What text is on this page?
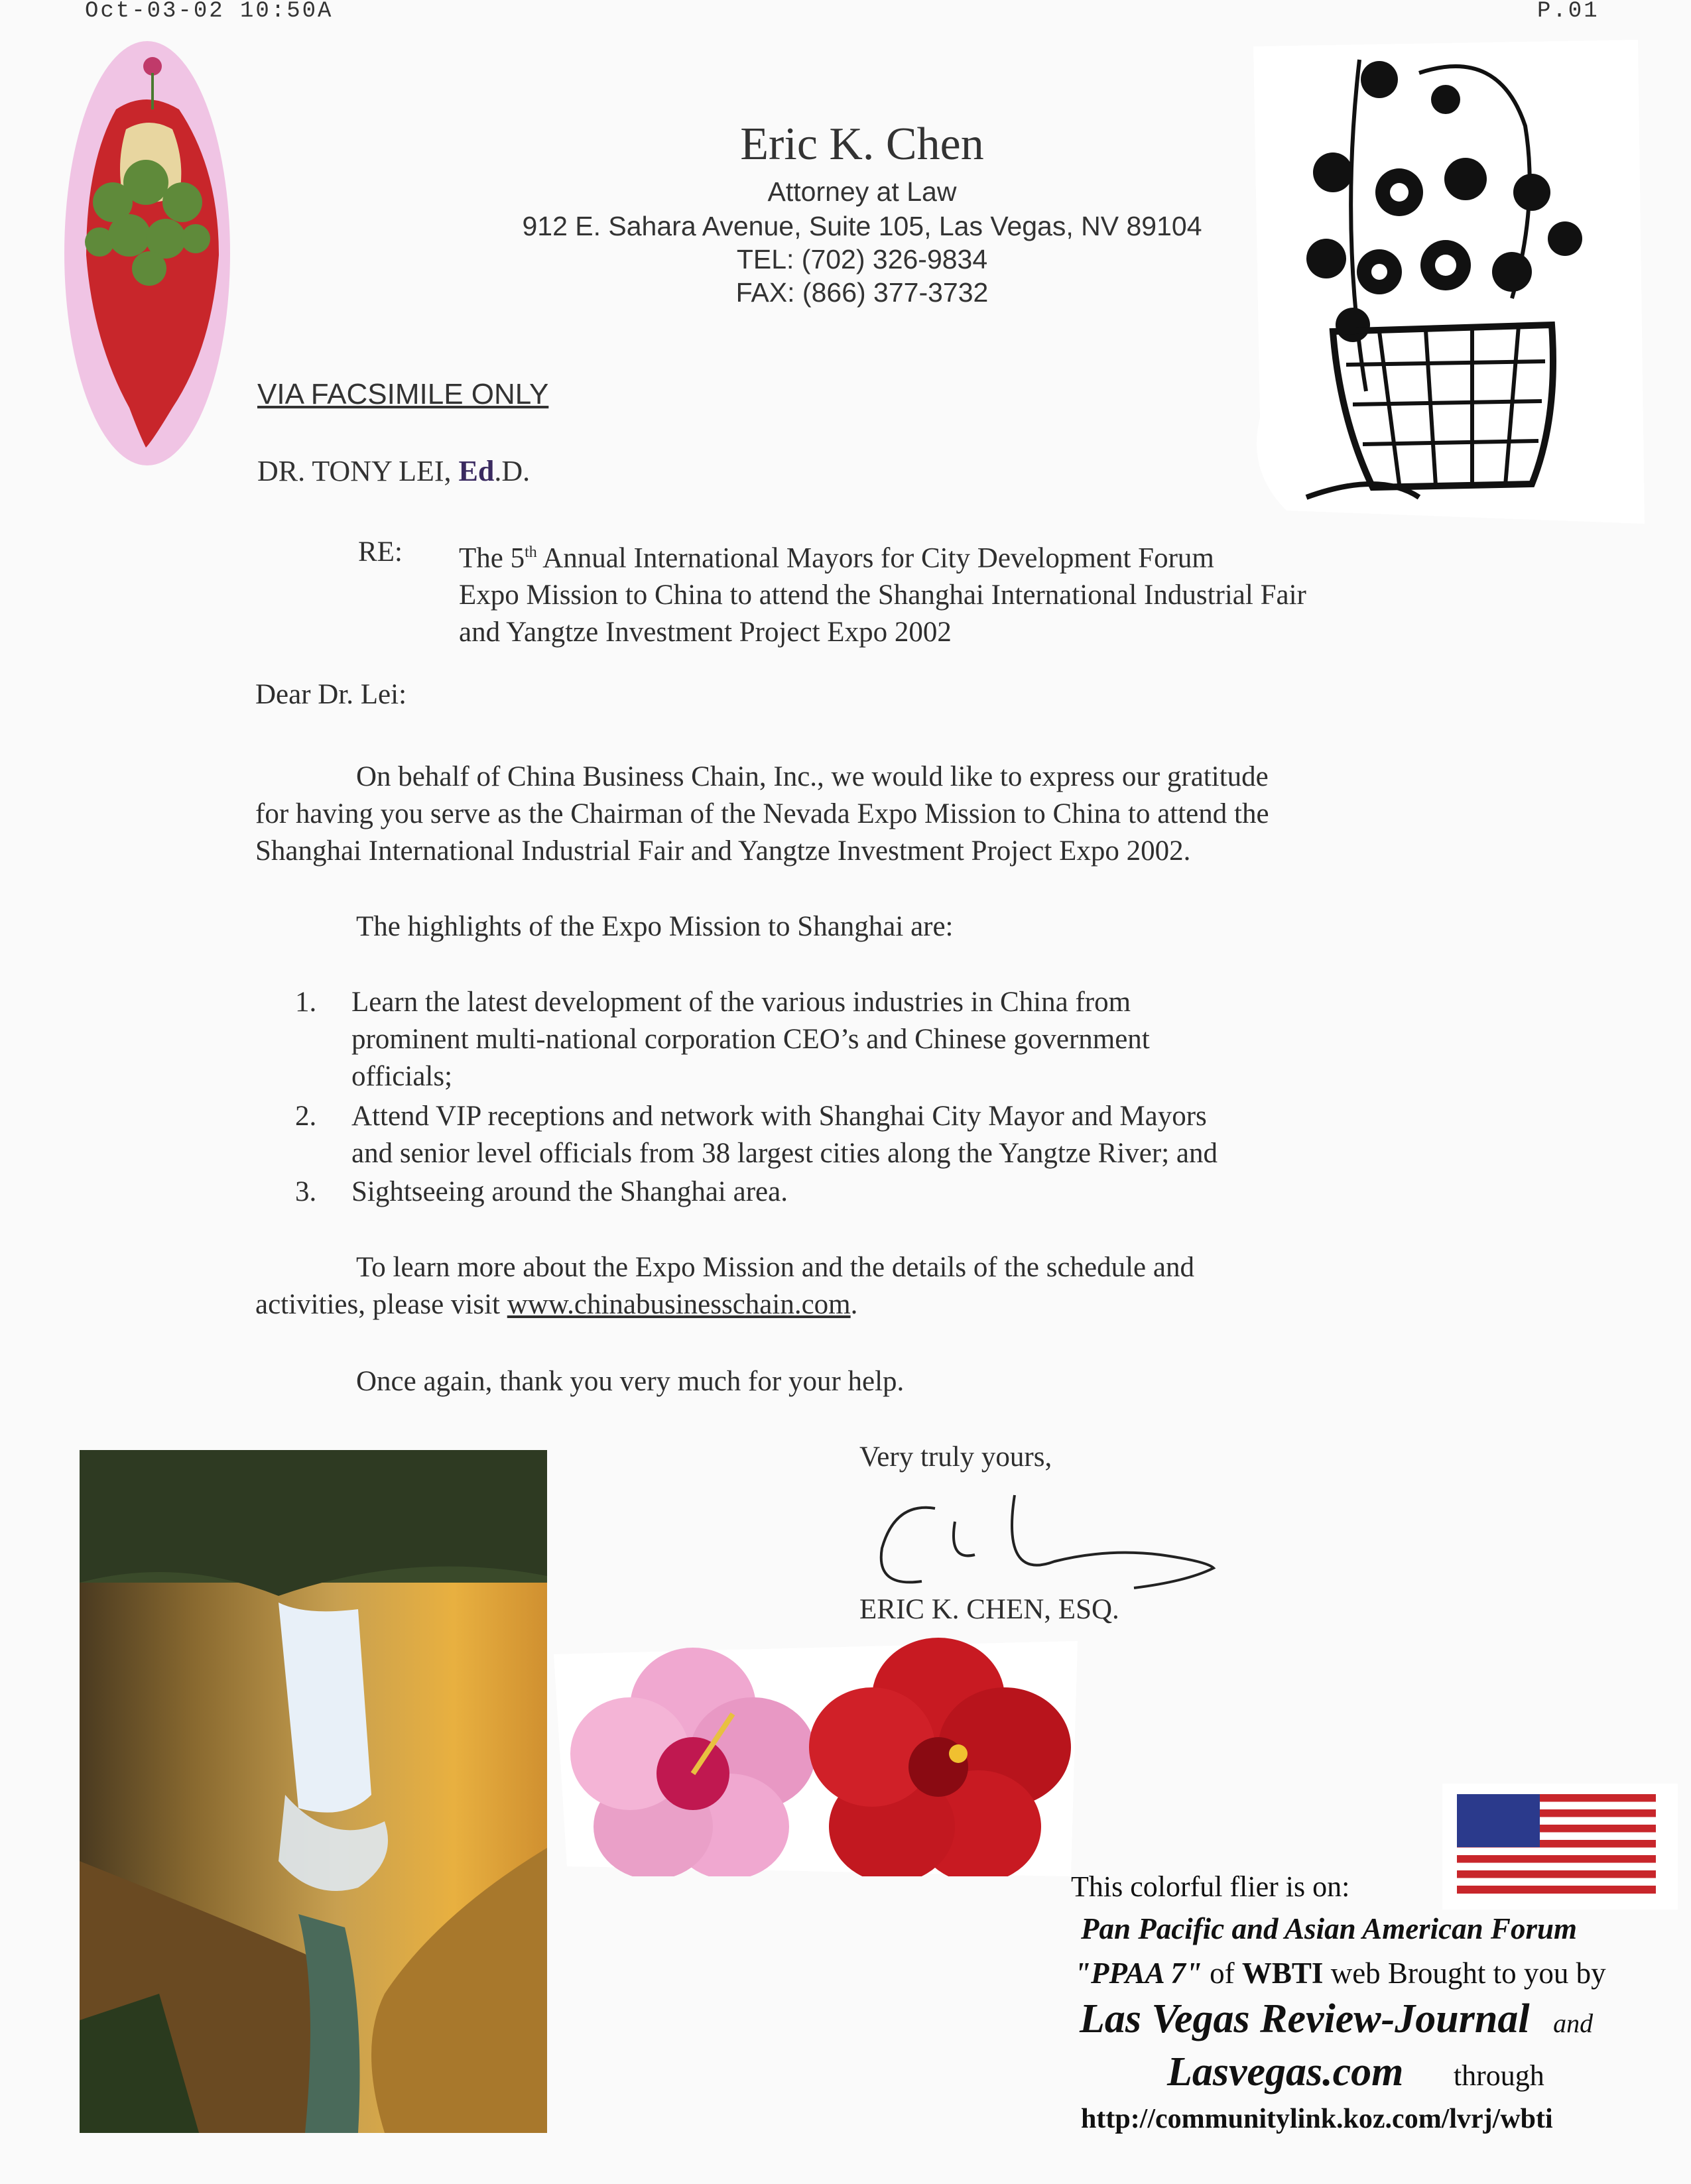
Oct-03-02 10:50A	P.01
Eric K. Chen
Attorney at Law
912 E. Sahara Avenue, Suite 105, Las Vegas, NV 89104
TEL: (702) 326-9834
FAX: (866) 377-3732
VIA FACSIMILE ONLY
DR. TONY LEI, Ed.D.
RE: The 5th Annual International Mayors for City Development Forum
Expo Mission to China to attend the Shanghai International Industrial Fair
and Yangtze Investment Project Expo 2002
Dear Dr. Lei:
On behalf of China Business Chain, Inc., we would like to express our gratitude
for having you serve as the Chairman of the Nevada Expo Mission to China to attend the
Shanghai International Industrial Fair and Yangtze Investment Project Expo 2002.
The highlights of the Expo Mission to Shanghai are:
1. Learn the latest development of the various industries in China from
prominent multi-national corporation CEO’s and Chinese government
officials;
2. Attend VIP receptions and network with Shanghai City Mayor and Mayors
and senior level officials from 38 largest cities along the Yangtze River; and
3. Sightseeing around the Shanghai area.
To learn more about the Expo Mission and the details of the schedule and
activities, please visit www.chinabusinesschain.com.
Once again, thank you very much for your help.
Very truly yours,
ERIC K. CHEN, ESQ.
This colorful flier is on:
Pan Pacific and Asian American Forum
"PPAA 7" of WBTI web Brought to you by
Las Vegas Review-Journal and
Lasvegas.com through
http://communitylink.koz.com/lvrj/wbti
